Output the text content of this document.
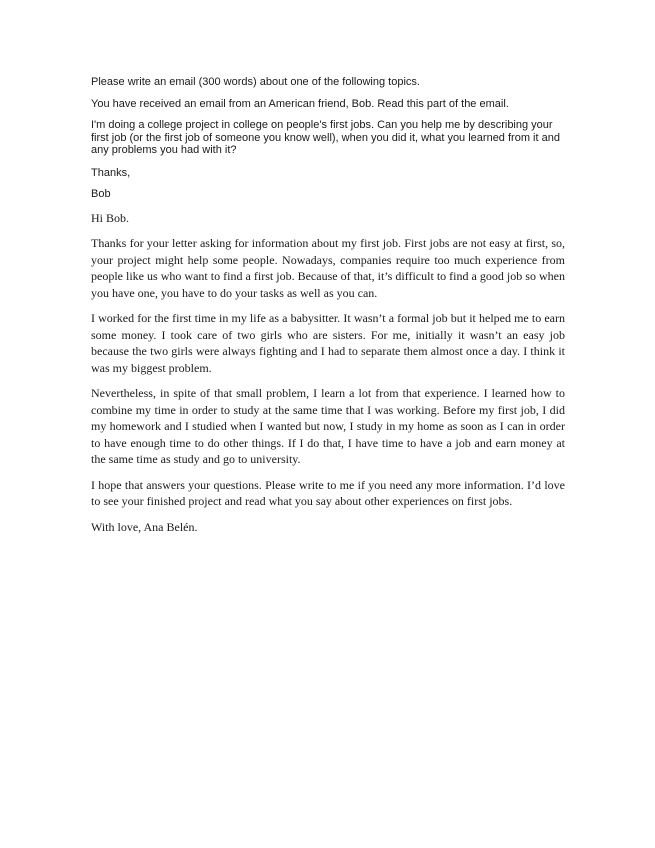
Please write an email (300 words) about one of the following topics.

You have received an email from an American friend, Bob. Read this part of the email.

I'm doing a college project in college on people's first jobs. Can you help me by describing your first job (or the first job of someone you know well), when you did it, what you learned from it and any problems you had with it?

Thanks,

Bob

Hi Bob.

Thanks for your letter asking for information about my first job. First jobs are not easy at first, so, your project might help some people. Nowadays, companies require too much experience from people like us who want to find a first job. Because of that, it’s difficult to find a good job so when you have one, you have to do your tasks as well as you can.

I worked for the first time in my life as a babysitter. It wasn’t a formal job but it helped me to earn some money. I took care of two girls who are sisters. For me, initially it wasn’t an easy job because the two girls were always fighting and I had to separate them almost once a day. I think it was my biggest problem.

Nevertheless, in spite of that small problem, I learn a lot from that experience. I learned how to combine my time in order to study at the same time that I was working. Before my first job, I did my homework and I studied when I wanted but now, I study in my home as soon as I can in order to have enough time to do other things. If I do that, I have time to have a job and earn money at the same time as study and go to university.

I hope that answers your questions. Please write to me if you need any more information. I’d love to see your finished project and read what you say about other experiences on first jobs.

With love, Ana Belén.
